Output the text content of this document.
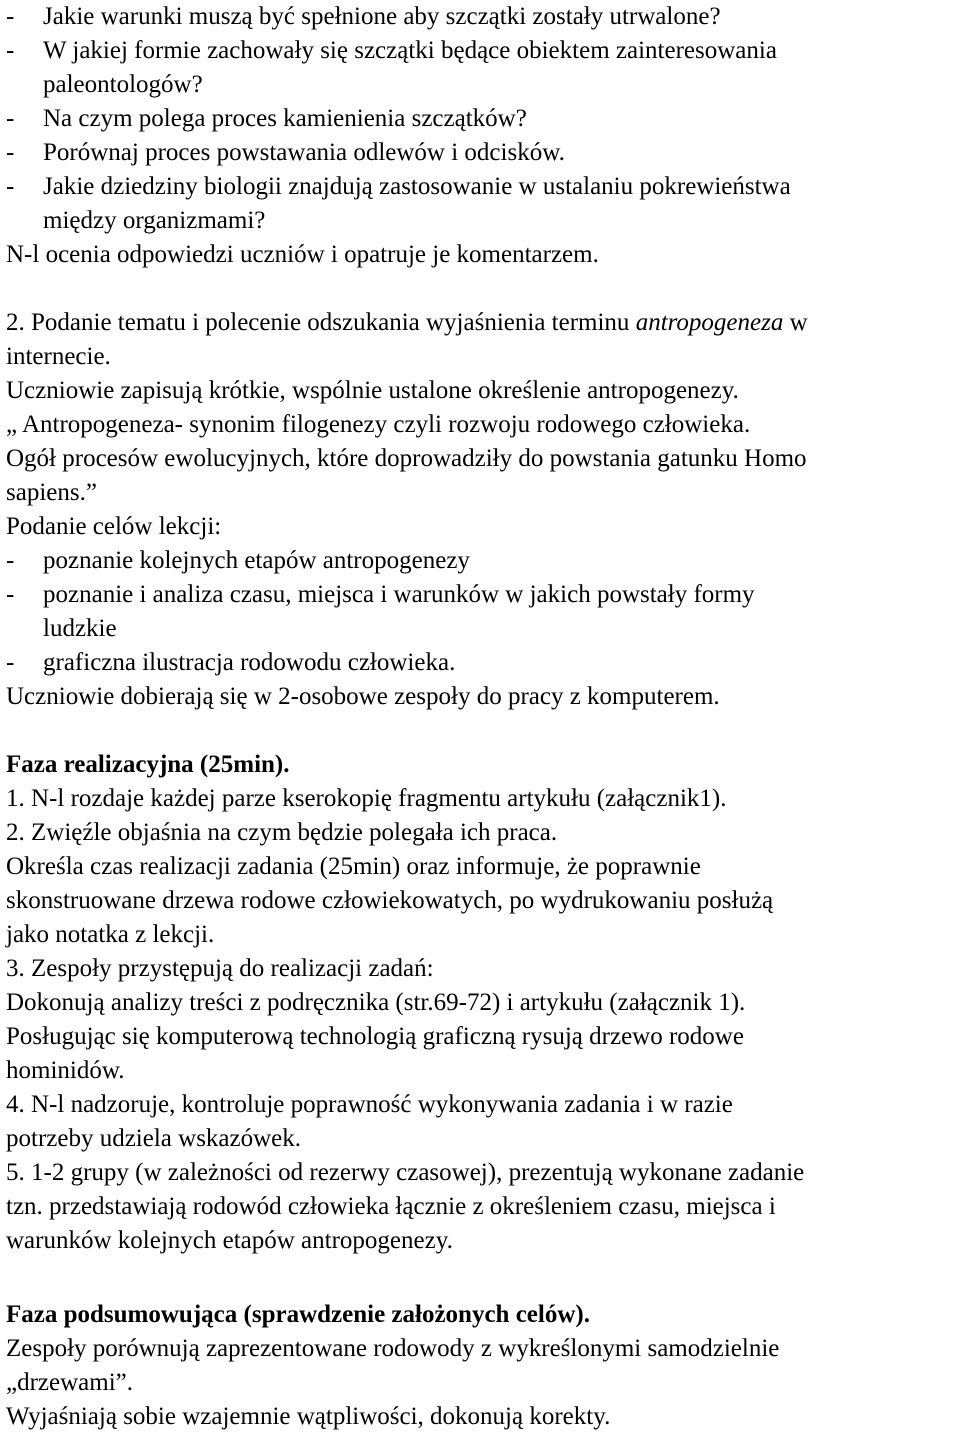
- Jakie warunki muszą być spełnione aby szczątki zostały utrwalone?
- W jakiej formie zachowały się szczątki będące obiektem zainteresowania
paleontologów?
- Na czym polega proces kamienienia szczątków?
- Porównaj proces powstawania odlewów i odcisków.
- Jakie dziedziny biologii znajdują zastosowanie w ustalaniu pokrewieństwa
między organizmami?
N-l ocenia odpowiedzi uczniów i opatruje je komentarzem.
2. Podanie tematu i polecenie odszukania wyjaśnienia terminu antropogeneza w
internecie.
Uczniowie zapisują krótkie, wspólnie ustalone określenie antropogenezy.
„ Antropogeneza- synonim filogenezy czyli rozwoju rodowego człowieka.
Ogół procesów ewolucyjnych, które doprowadziły do powstania gatunku Homo
sapiens.”
Podanie celów lekcji:
- poznanie kolejnych etapów antropogenezy
- poznanie i analiza czasu, miejsca i warunków w jakich powstały formy
ludzkie
- graficzna ilustracja rodowodu człowieka.
Uczniowie dobierają się w 2-osobowe zespoły do pracy z komputerem.
Faza realizacyjna (25min).
1. N-l rozdaje każdej parze kserokopię fragmentu artykułu (załącznik1).
2. Zwięźle objaśnia na czym będzie polegała ich praca.
Określa czas realizacji zadania (25min) oraz informuje, że poprawnie
skonstruowane drzewa rodowe człowiekowatych, po wydrukowaniu posłużą
jako notatka z lekcji.
3. Zespoły przystępują do realizacji zadań:
Dokonują analizy treści z podręcznika (str.69-72) i artykułu (załącznik 1).
Posługując się komputerową technologią graficzną rysują drzewo rodowe
hominidów.
4. N-l nadzoruje, kontroluje poprawność wykonywania zadania i w razie
potrzeby udziela wskazówek.
5. 1-2 grupy (w zależności od rezerwy czasowej), prezentują wykonane zadanie
tzn. przedstawiają rodowód człowieka łącznie z określeniem czasu, miejsca i
warunków kolejnych etapów antropogenezy.
Faza podsumowująca (sprawdzenie założonych celów).
Zespoły porównują zaprezentowane rodowody z wykreślonymi samodzielnie
„drzewami”.
Wyjaśniają sobie wzajemnie wątpliwości, dokonują korekty.
